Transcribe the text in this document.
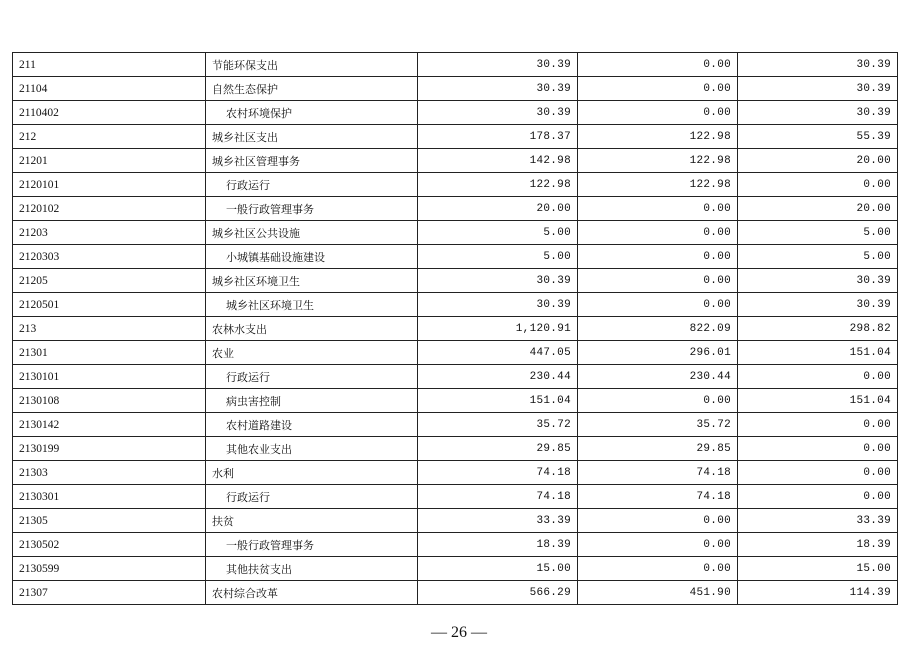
211	节能环保支出	30.39	0.00	30.39
21104	自然生态保护	30.39	0.00	30.39
2110402	农村环境保护	30.39	0.00	30.39
212	城乡社区支出	178.37	122.98	55.39
21201	城乡社区管理事务	142.98	122.98	20.00
2120101	行政运行	122.98	122.98	0.00
2120102	一般行政管理事务	20.00	0.00	20.00
21203	城乡社区公共设施	5.00	0.00	5.00
2120303	小城镇基础设施建设	5.00	0.00	5.00
21205	城乡社区环境卫生	30.39	0.00	30.39
2120501	城乡社区环境卫生	30.39	0.00	30.39
213	农林水支出	1,120.91	822.09	298.82
21301	农业	447.05	296.01	151.04
2130101	行政运行	230.44	230.44	0.00
2130108	病虫害控制	151.04	0.00	151.04
2130142	农村道路建设	35.72	35.72	0.00
2130199	其他农业支出	29.85	29.85	0.00
21303	水利	74.18	74.18	0.00
2130301	行政运行	74.18	74.18	0.00
21305	扶贫	33.39	0.00	33.39
2130502	一般行政管理事务	18.39	0.00	18.39
2130599	其他扶贫支出	15.00	0.00	15.00
21307	农村综合改革	566.29	451.90	114.39
— 26 —
